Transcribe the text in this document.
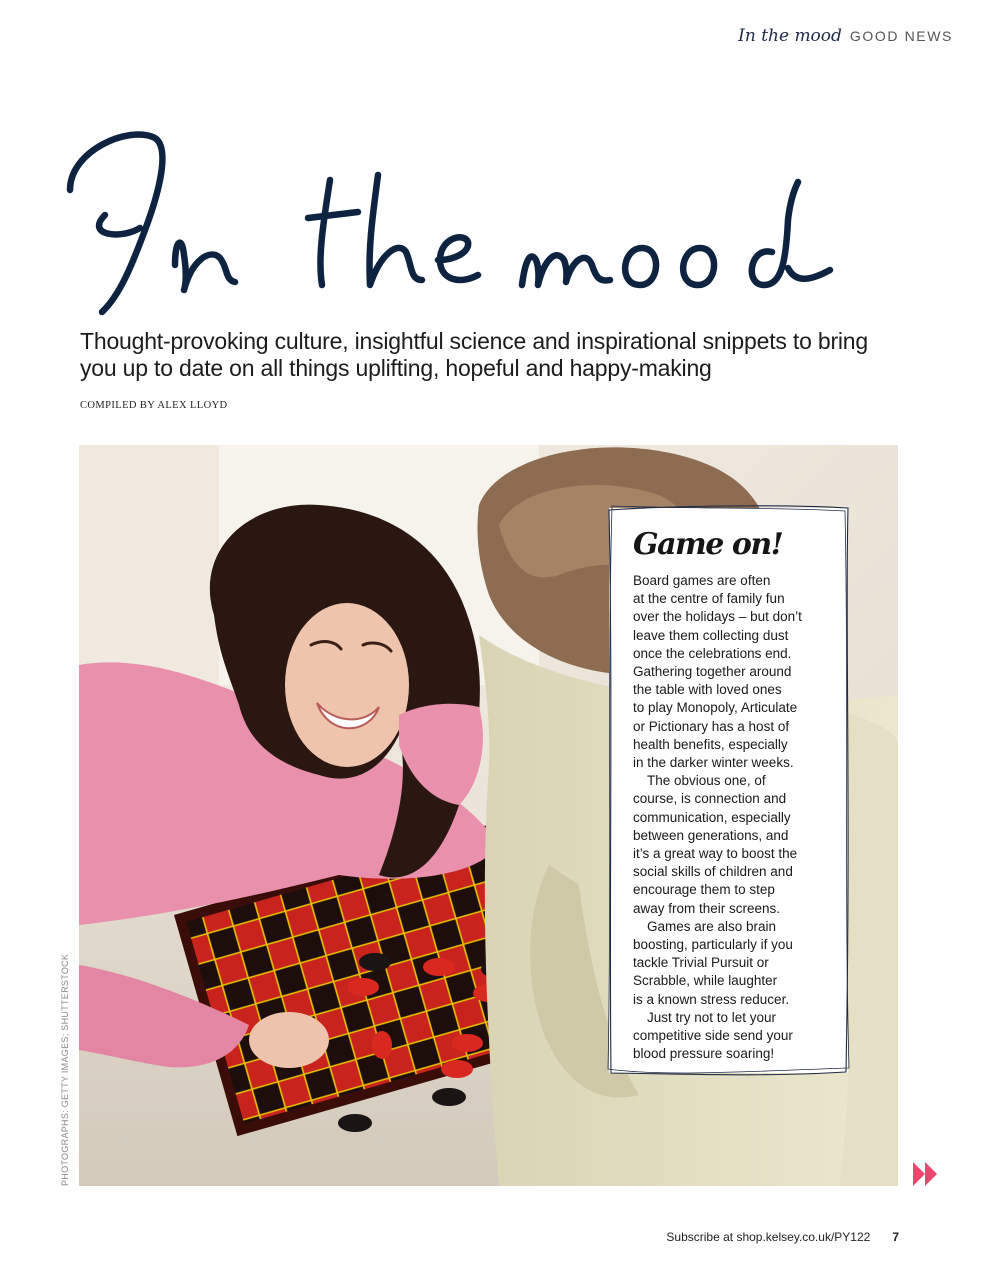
In the mood GOOD NEWS
Thought-provoking culture, insightful science and inspirational snippets to bring you up to date on all things uplifting, hopeful and happy-making
COMPILED BY ALEX LLOYD
PHOTOGRAPHS: GETTY IMAGES; SHUTTERSTOCK
Game on!

Board games are often
at the centre of family fun
over the holidays – but don’t
leave them collecting dust
once the celebrations end.
Gathering together around
the table with loved ones
to play Monopoly, Articulate
or Pictionary has a host of
health benefits, especially
in the darker winter weeks.

The obvious one, of
course, is connection and
communication, especially
between generations, and
it’s a great way to boost the
social skills of children and
encourage them to step
away from their screens.

Games are also brain
boosting, particularly if you
tackle Trivial Pursuit or
Scrabble, while laughter
is a known stress reducer.

Just try not to let your
competitive side send your
blood pressure soaring!

Subscribe at shop.kelsey.co.uk/PY122 7
